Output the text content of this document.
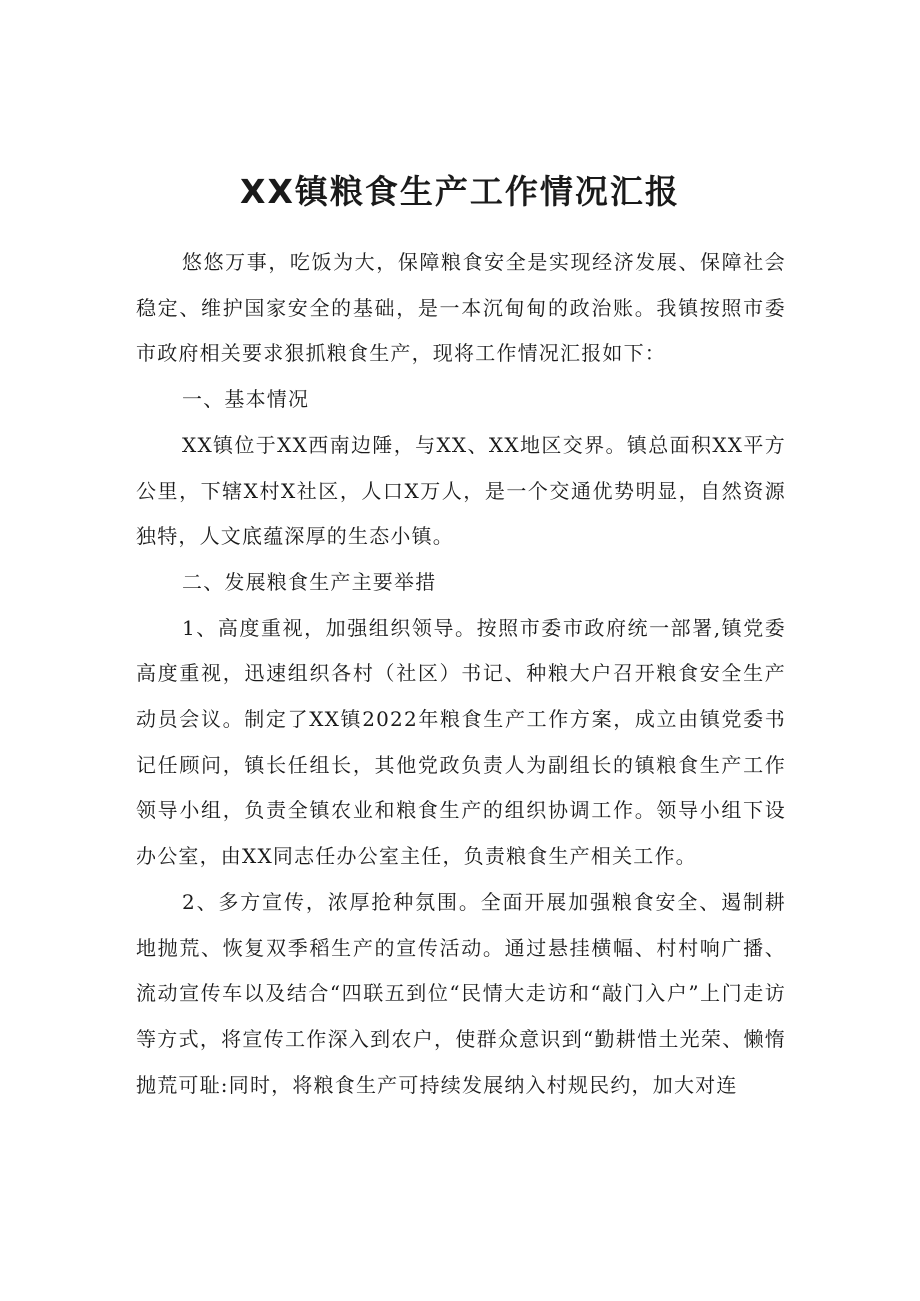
XX镇粮食生产工作情况汇报

悠悠万事，吃饭为大，保障粮食安全是实现经济发展、保障社会稳定、维护国家安全的基础，是一本沉甸甸的政治账。我镇按照市委市政府相关要求狠抓粮食生产，现将工作情况汇报如下：

一、基本情况

XX镇位于XX西南边陲，与XX、XX地区交界。镇总面积XX平方公里，下辖X村X社区，人口X万人，是一个交通优势明显，自然资源独特，人文底蕴深厚的生态小镇。

二、发展粮食生产主要举措

1、高度重视，加强组织领导。按照市委市政府统一部署,镇党委高度重视，迅速组织各村（社区）书记、种粮大户召开粮食安全生产动员会议。制定了XX镇2022年粮食生产工作方案，成立由镇党委书记任顾问，镇长任组长，其他党政负责人为副组长的镇粮食生产工作领导小组，负责全镇农业和粮食生产的组织协调工作。领导小组下设办公室，由XX同志任办公室主任，负责粮食生产相关工作。

2、多方宣传，浓厚抢种氛围。全面开展加强粮食安全、遏制耕地抛荒、恢复双季稻生产的宣传活动。通过悬挂横幅、村村响广播、流动宣传车以及结合“四联五到位“民情大走访和“敲门入户”上门走访等方式，将宣传工作深入到农户，使群众意识到“勤耕惜土光荣、懒惰抛荒可耻:同时，将粮食生产可持续发展纳入村规民约，加大对连
